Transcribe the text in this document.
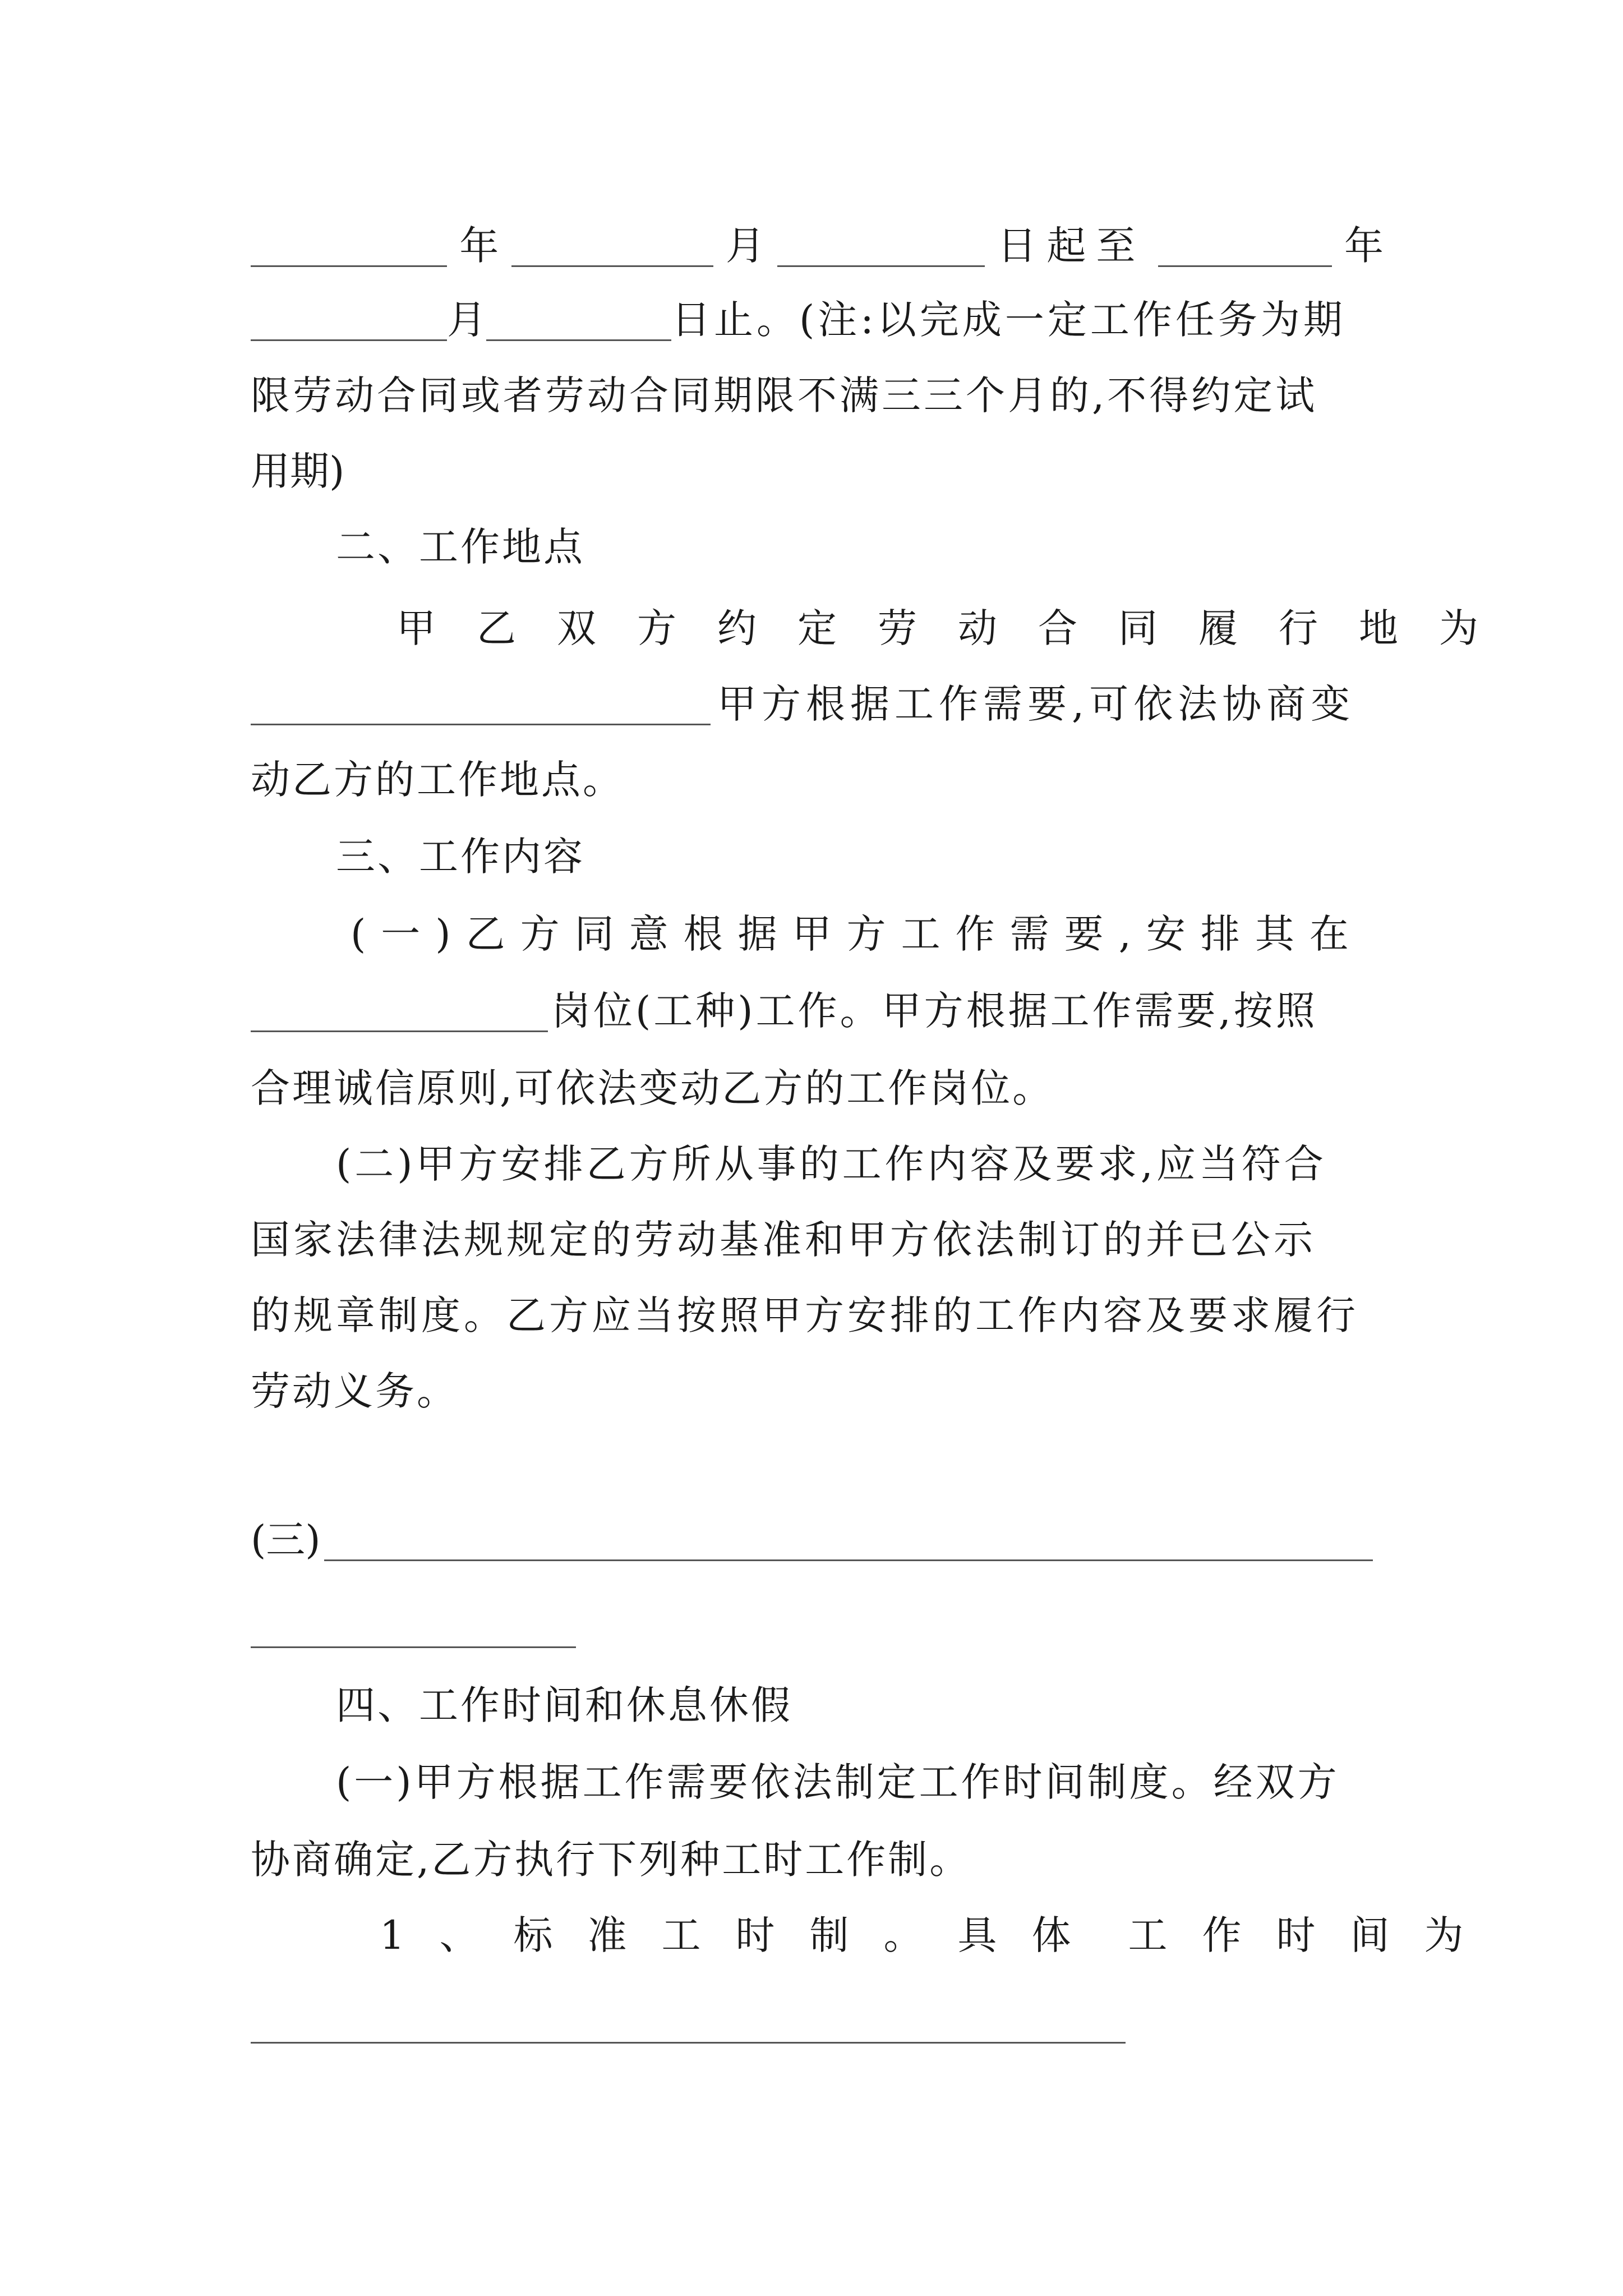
年	月	日起至	年
月	日止。(注:以完成一定工作任务为期
限劳动合同或者劳动合同期限不满三三个月的,不得约定试
用期)
二、工作地点
甲乙双方约定劳动合同履行地为
甲方根据工作需要,可依法协商变
动乙方的工作地点。
三、工作内容
(一)乙方同意根据甲方工作需要,安排其在
岗位(工种)工作。甲方根据工作需要,按照
合理诚信原则,可依法变动乙方的工作岗位。
(二)甲方安排乙方所从事的工作内容及要求,应当符合
国家法律法规规定的劳动基准和甲方依法制订的并已公示
的规章制度。乙方应当按照甲方安排的工作内容及要求履行
劳动义务。
(三)
四、工作时间和休息休假
(一)甲方根据工作需要依法制定工作时间制度。经双方
协商确定,乙方执行下列种工时工作制。
1、标准工时制。具体 工作时间为
